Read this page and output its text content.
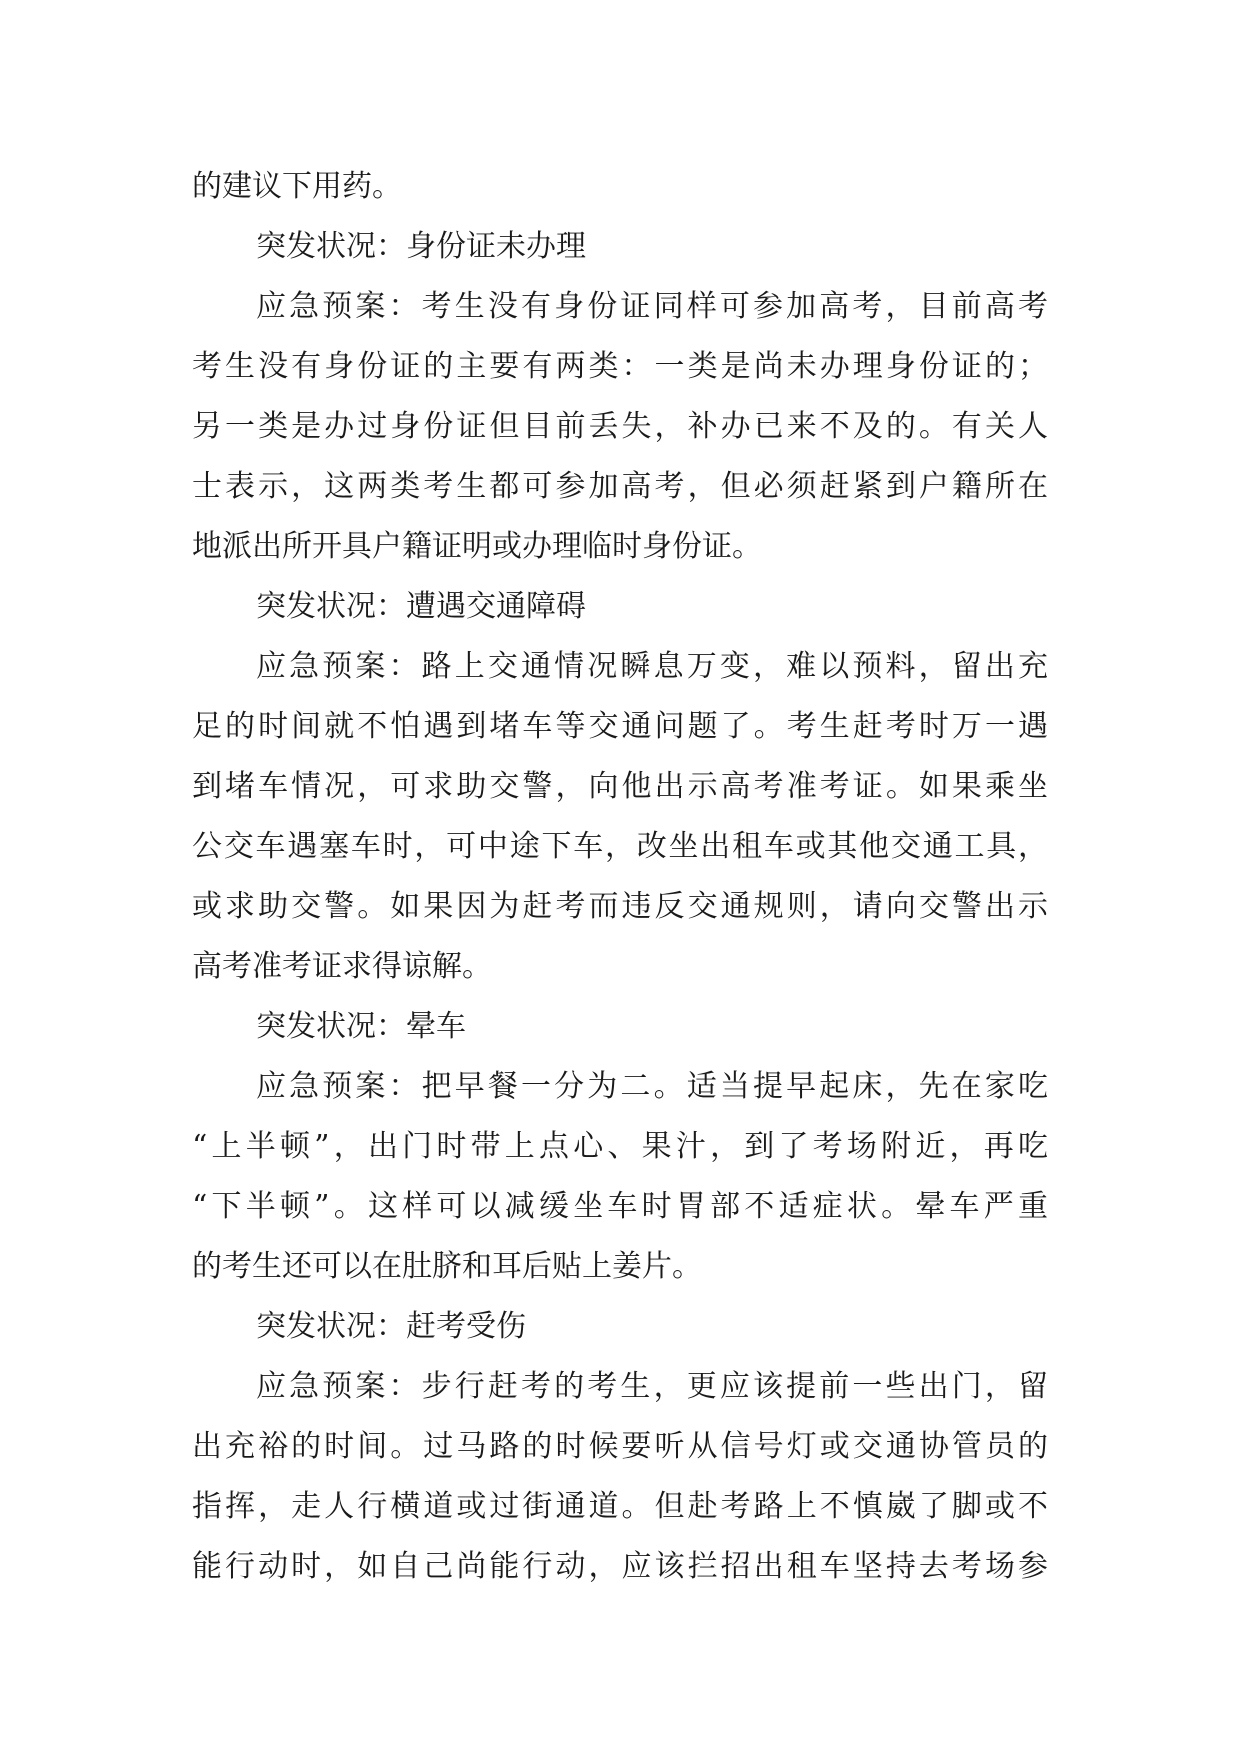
的建议下用药。
突发状况：身份证未办理
应急预案：考生没有身份证同样可参加高考，目前高考
考生没有身份证的主要有两类：一类是尚未办理身份证的；
另一类是办过身份证但目前丢失，补办已来不及的。有关人
士表示，这两类考生都可参加高考，但必须赶紧到户籍所在
地派出所开具户籍证明或办理临时身份证。
突发状况：遭遇交通障碍
应急预案：路上交通情况瞬息万变，难以预料，留出充
足的时间就不怕遇到堵车等交通问题了。考生赶考时万一遇
到堵车情况，可求助交警，向他出示高考准考证。如果乘坐
公交车遇塞车时，可中途下车，改坐出租车或其他交通工具，
或求助交警。如果因为赶考而违反交通规则，请向交警出示
高考准考证求得谅解。
突发状况：晕车
应急预案：把早餐一分为二。适当提早起床，先在家吃
“上半顿”，出门时带上点心、果汁，到了考场附近，再吃
“下半顿”。这样可以减缓坐车时胃部不适症状。晕车严重
的考生还可以在肚脐和耳后贴上姜片。
突发状况：赶考受伤
应急预案：步行赶考的考生，更应该提前一些出门，留
出充裕的时间。过马路的时候要听从信号灯或交通协管员的
指挥，走人行横道或过街通道。但赴考路上不慎崴了脚或不
能行动时，如自己尚能行动，应该拦招出租车坚持去考场参
